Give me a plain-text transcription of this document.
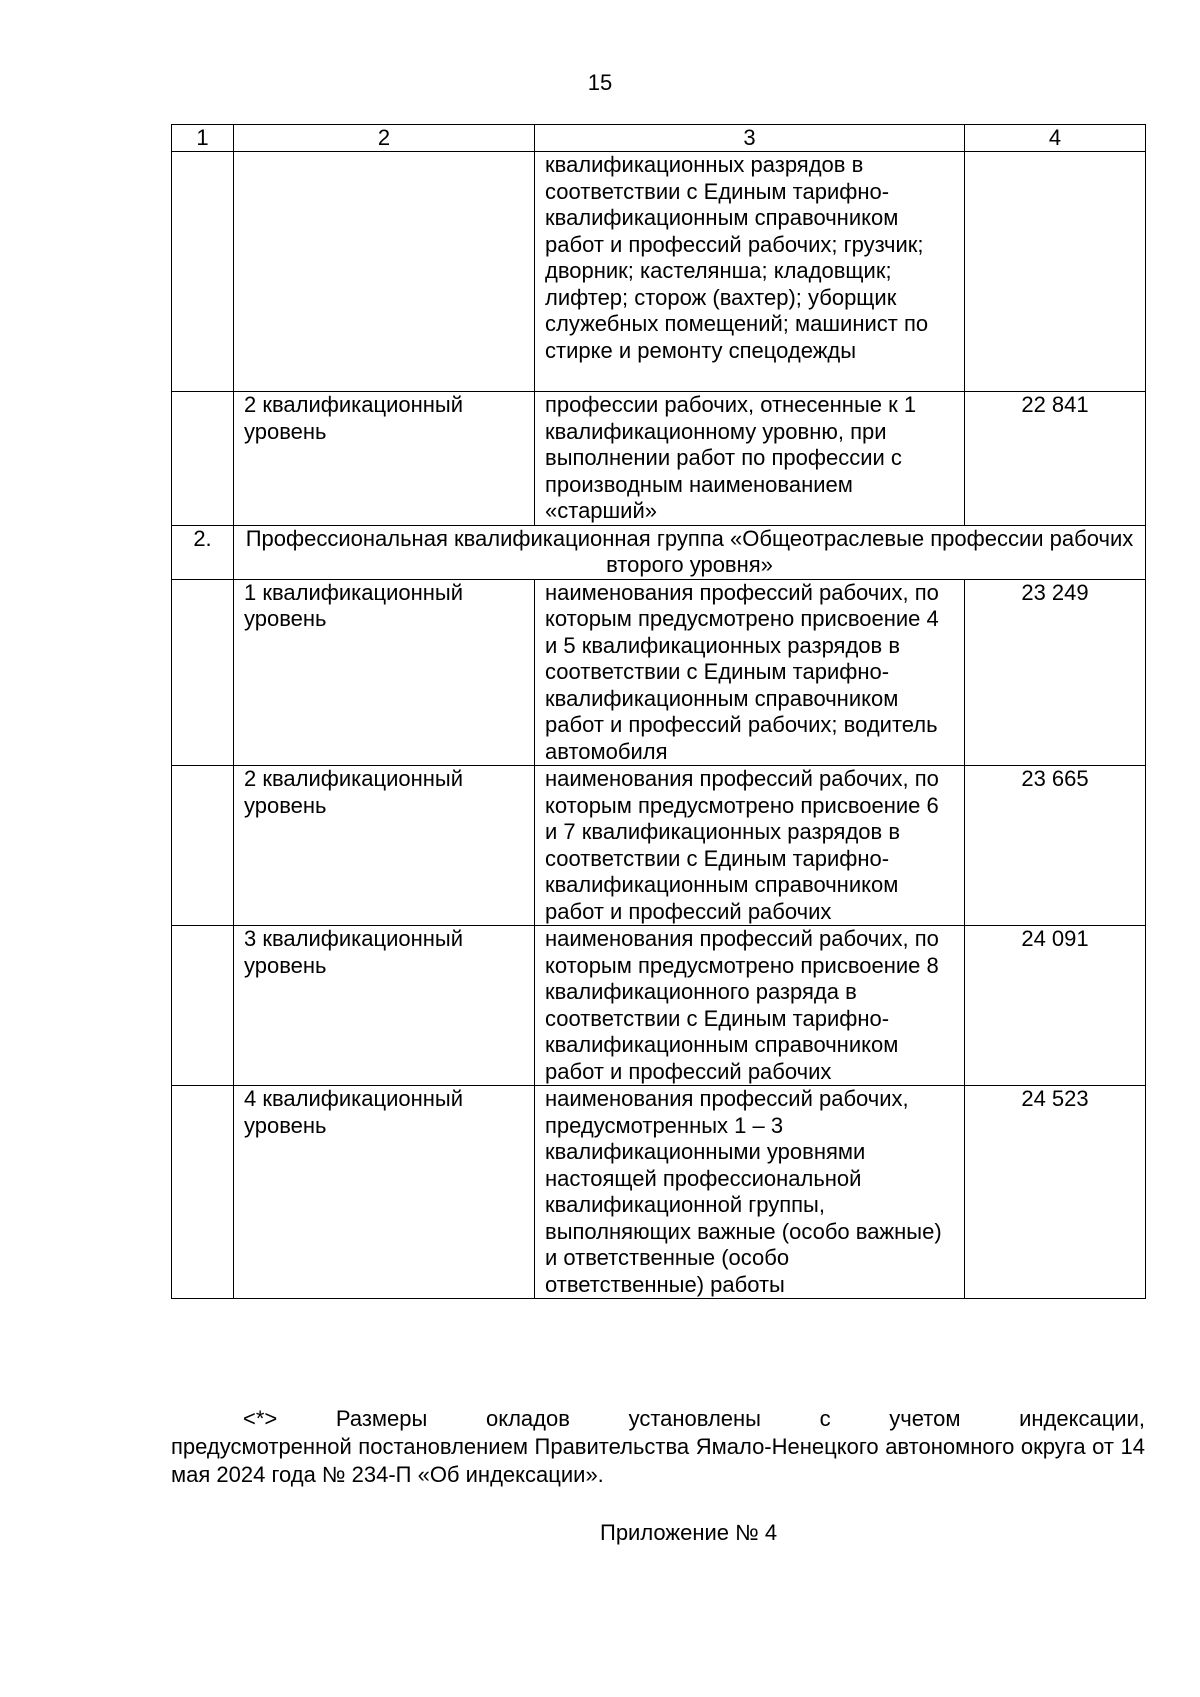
15
1	2	3	4
		квалификационных разрядов в соответствии с Единым тарифно-квалификационным справочником работ и профессий рабочих; грузчик; дворник; кастелянша; кладовщик; лифтер; сторож (вахтер); уборщик служебных помещений; машинист по стирке и ремонту спецодежды	
	2 квалификационный уровень	профессии рабочих, отнесенные к 1 квалификационному уровню, при выполнении работ по профессии с производным наименованием «старший»	22 841
2.	Профессиональная квалификационная группа «Общеотраслевые профессии рабочих второго уровня»		
	1 квалификационный уровень	наименования профессий рабочих, по которым предусмотрено присвоение 4 и 5 квалификационных разрядов в соответствии с Единым тарифно-квалификационным справочником работ и профессий рабочих; водитель автомобиля	23 249
	2 квалификационный уровень	наименования профессий рабочих, по которым предусмотрено присвоение 6 и 7 квалификационных разрядов в соответствии с Единым тарифно-квалификационным справочником работ и профессий рабочих	23 665
	3 квалификационный уровень	наименования профессий рабочих, по которым предусмотрено присвоение 8 квалификационного разряда в соответствии с Единым тарифно-квалификационным справочником работ и профессий рабочих	24 091
	4 квалификационный уровень	наименования профессий рабочих, предусмотренных 1 – 3 квалификационными уровнями настоящей профессиональной квалификационной группы, выполняющих важные (особо важные) и ответственные (особо ответственные) работы	24 523
<*> Размеры окладов установлены с учетом индексации,
предусмотренной постановлением Правительства Ямало-Ненецкого автономного округа от 14 мая 2024 года № 234-П «Об индексации».
Приложение № 4
